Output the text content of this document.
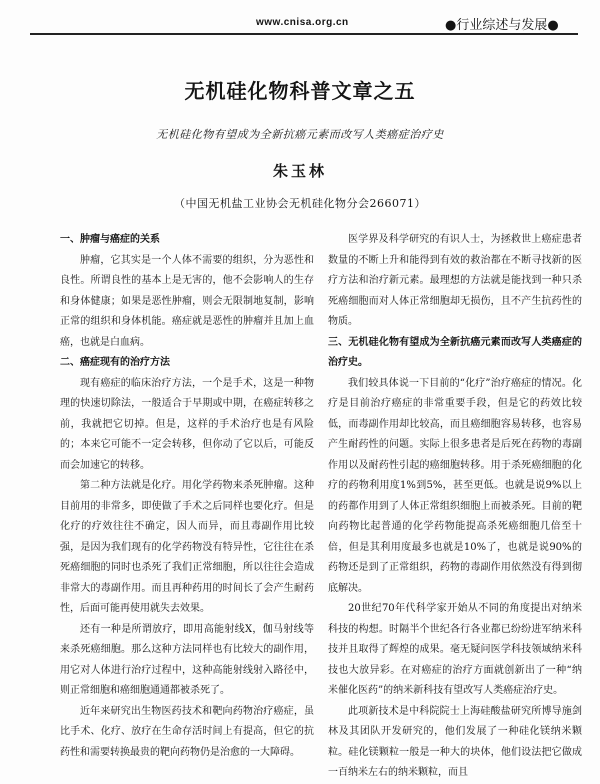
www.cnisa.org.cn	●行业综述与发展●
无机硅化物科普文章之五
无机硅化物有望成为全新抗癌元素而改写人类癌症治疗史
朱玉林
（中国无机盐工业协会无机硅化物分会266071）
一、肿瘤与癌症的关系

肿瘤，它其实是一个人体不需要的组织，分为恶性和良性。所谓良性的基本上是无害的，他不会影响人的生存和身体健康；如果是恶性肿瘤，则会无限制地复制，影响正常的组织和身体机能。癌症就是恶性的肿瘤并且加上血癌，也就是白血病。

二、癌症现有的治疗方法

现有癌症的临床治疗方法，一个是手术，这是一种物理的快速切除法，一般适合于早期或中期，在癌症转移之前，我就把它切掉。但是，这样的手术治疗也是有风险的；本来它可能不一定会转移，但你动了它以后，可能反而会加速它的转移。

第二种方法就是化疗。用化学药物来杀死肿瘤。这种目前用的非常多，即使做了手术之后同样也要化疗。但是化疗的疗效往往不确定，因人而异，而且毒副作用比较强，是因为我们现有的化学药物没有特异性，它往往在杀死癌细胞的同时也杀死了我们正常细胞，所以往往会造成非常大的毒副作用。而且再种药用的时间长了会产生耐药性，后面可能再使用就失去效果。

还有一种是所谓放疗，即用高能射线X，伽马射线等来杀死癌细胞。那么这种方法同样也有比较大的副作用，用它对人体进行治疗过程中，这种高能射线射入路径中，则正常细胞和癌细胞通通都被杀死了。

近年来研究出生物医药技术和靶向药物治疗癌症，虽比手术、化疗、放疗在生命存活时间上有提高，但它的抗药性和需要转换最贵的靶向药物仍是治愈的一大障碍。

医学界及科学研究的有识人士，为拯救世上癌症患者数量的不断上升和能得到有效的救治都在不断寻找新的医疗方法和治疗新元素。最理想的方法就是能找到一种只杀死癌细胞而对人体正常细胞却无损伤，且不产生抗药性的物质。

三、无机硅化物有望成为全新抗癌元素而改写人类癌症的治疗史。

我们较具体说一下目前的“化疗”治疗癌症的情况。化疗是目前治疗癌症的非常重要手段，但是它的药效比较低，而毒副作用却比较高，而且癌细胞容易转移，也容易产生耐药性的问题。实际上很多患者是后死在药物的毒副作用以及耐药性引起的癌细胞转移。用于杀死癌细胞的化疗的药物利用度1%到5%，甚至更低。也就是说9%以上的药都作用到了人体正常组织细胞上而被杀死。目前的靶向药物比起普通的化学药物能提高杀死癌细胞几倍至十倍，但是其利用度最多也就是10%了，也就是说90%的药物还是到了正常组织，药物的毒副作用依然没有得到彻底解决。

20世纪70年代科学家开始从不同的角度提出对纳米科技的构想。时隔半个世纪各行各业都已纷纷进军纳米科技并且取得了辉煌的成果。毫无疑问医学科技领域纳米科技也大放异彩。在对癌症的治疗方面就创新出了一种“纳米催化医药”的纳米新科技有望改写人类癌症治疗史。

此项新技术是中科院院士上海硅酸盐研究所博导施剑林及其团队开发研究的，他们发展了一种硅化镁纳米颗粒。硅化镁颗粒一般是一种大的块体，他们设法把它做成一百纳米左右的纳米颗粒，而且
